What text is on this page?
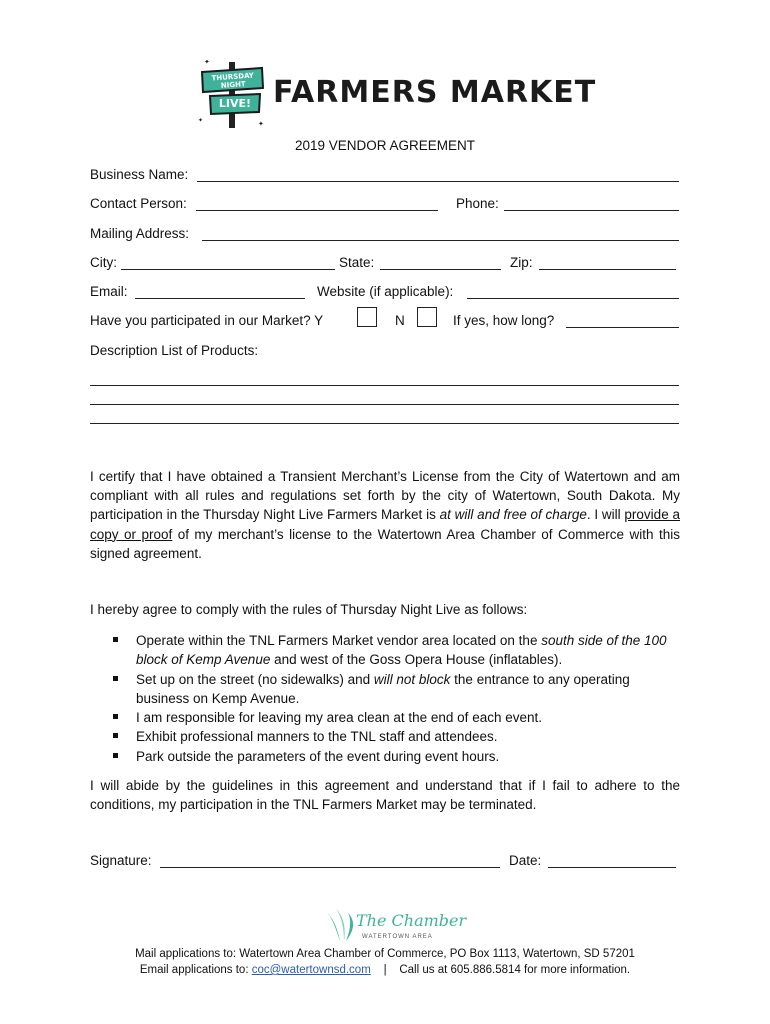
✦
✦
✦
THURSDAY NIGHT
LIVE! FARMERS MARKET
2019 VENDOR AGREEMENT
Business Name:
Contact Person:	Phone:
Mailing Address:
City:	State:	Zip:
Email:	Website (if applicable):
Have you participated in our Market? Y	N	If yes, how long?
Description List of Products:
I certify that I have obtained a Transient Merchant’s License from the City of Watertown and am compliant with all rules and regulations set forth by the city of Watertown, South Dakota. My participation in the Thursday Night Live Farmers Market is at will and free of charge. I will provide a copy or proof of my merchant’s license to the Watertown Area Chamber of Commerce with this signed agreement.
I hereby agree to comply with the rules of Thursday Night Live as follows:
Operate within the TNL Farmers Market vendor area located on the south side of the 100 block of Kemp Avenue and west of the Goss Opera House (inflatables).
Set up on the street (no sidewalks) and will not block the entrance to any operating business on Kemp Avenue.
I am responsible for leaving my area clean at the end of each event.
Exhibit professional manners to the TNL staff and attendees.
Park outside the parameters of the event during event hours.
I will abide by the guidelines in this agreement and understand that if I fail to adhere to the conditions, my participation in the TNL Farmers Market may be terminated.
Signature:	Date:
The Chamber
WATERTOWN AREA
Mail applications to: Watertown Area Chamber of Commerce, PO Box 1113, Watertown, SD 57201
Email applications to: coc@watertownsd.com | Call us at 605.886.5814 for more information.
